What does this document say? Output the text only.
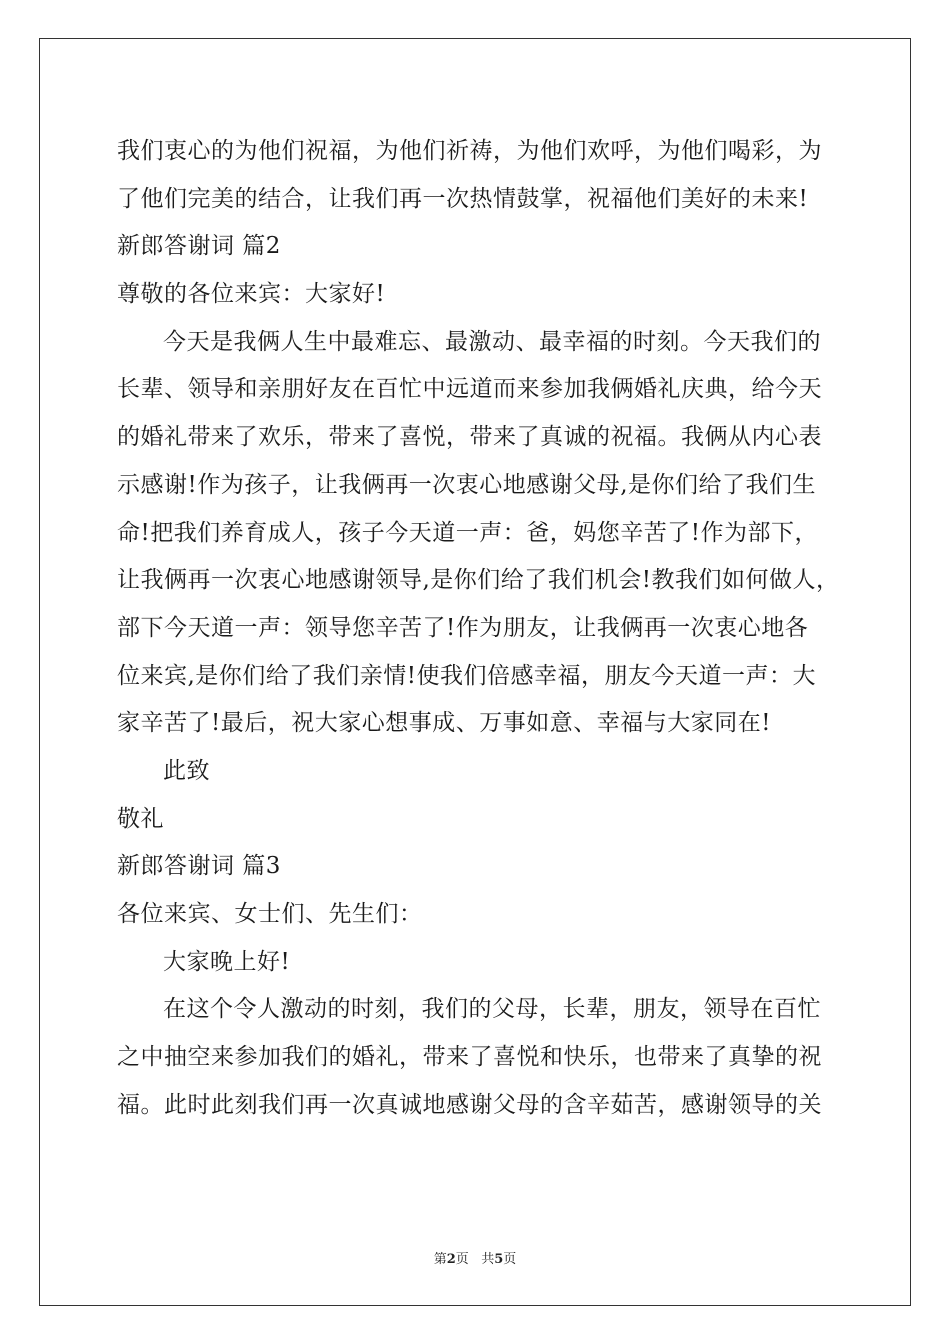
我们衷心的为他们祝福，为他们祈祷，为他们欢呼，为他们喝彩，为
了他们完美的结合，让我们再一次热情鼓掌，祝福他们美好的未来!
新郎答谢词 篇2
尊敬的各位来宾：大家好!
今天是我俩人生中最难忘、最激动、最幸福的时刻。今天我们的
长辈、领导和亲朋好友在百忙中远道而来参加我俩婚礼庆典，给今天
的婚礼带来了欢乐，带来了喜悦，带来了真诚的祝福。我俩从内心表
示感谢!作为孩子，让我俩再一次衷心地感谢父母,是你们给了我们生
命!把我们养育成人，孩子今天道一声：爸，妈您辛苦了!作为部下，
让我俩再一次衷心地感谢领导,是你们给了我们机会!教我们如何做人，
部下今天道一声：领导您辛苦了!作为朋友，让我俩再一次衷心地各
位来宾,是你们给了我们亲情!使我们倍感幸福，朋友今天道一声：大
家辛苦了!最后，祝大家心想事成、万事如意、幸福与大家同在!
此致
敬礼
新郎答谢词 篇3
各位来宾、女士们、先生们：
大家晚上好!
在这个令人激动的时刻，我们的父母，长辈，朋友，领导在百忙
之中抽空来参加我们的婚礼，带来了喜悦和快乐，也带来了真挚的祝
福。此时此刻我们再一次真诚地感谢父母的含辛茹苦，感谢领导的关
第2页 共5页
